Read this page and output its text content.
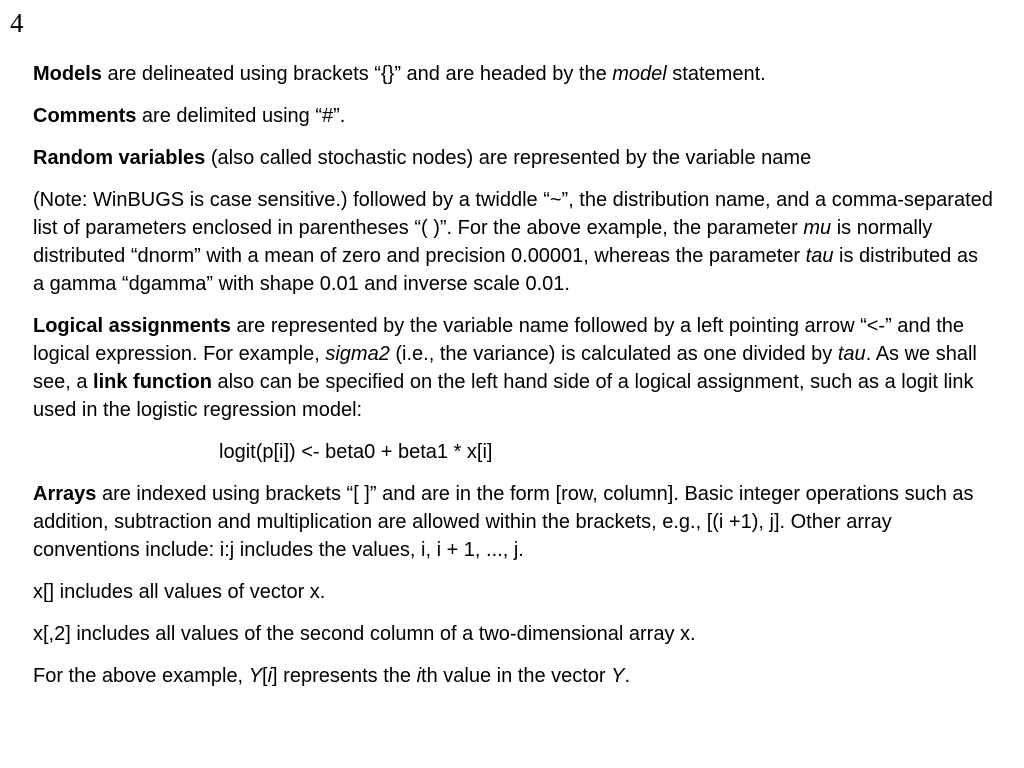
4

Models are delineated using brackets “{}” and are headed by the model statement.

Comments are delimited using “#”.

Random variables (also called stochastic nodes) are represented by the variable name

(Note: WinBUGS is case sensitive.) followed by a twiddle “~”, the distribution name, and a comma-separated list of parameters enclosed in parentheses “( )”. For the above example, the parameter mu is normally distributed “dnorm” with a mean of zero and precision 0.00001, whereas the parameter tau is distributed as a gamma “dgamma” with shape 0.01 and inverse scale 0.01.

Logical assignments are represented by the variable name followed by a left pointing arrow “<-” and the logical expression. For example, sigma2 (i.e., the variance) is calculated as one divided by tau. As we shall see, a link function also can be specified on the left hand side of a logical assignment, such as a logit link used in the logistic regression model:

logit(p[i]) <- beta0 + beta1 * x[i]

Arrays are indexed using brackets “[ ]” and are in the form [row, column]. Basic integer operations such as addition, subtraction and multiplication are allowed within the brackets, e.g., [(i +1), j]. Other array conventions include: i:j includes the values, i, i + 1, ..., j.

x[] includes all values of vector x.

x[,2] includes all values of the second column of a two-dimensional array x.

For the above example, Y[i] represents the ith value in the vector Y.
